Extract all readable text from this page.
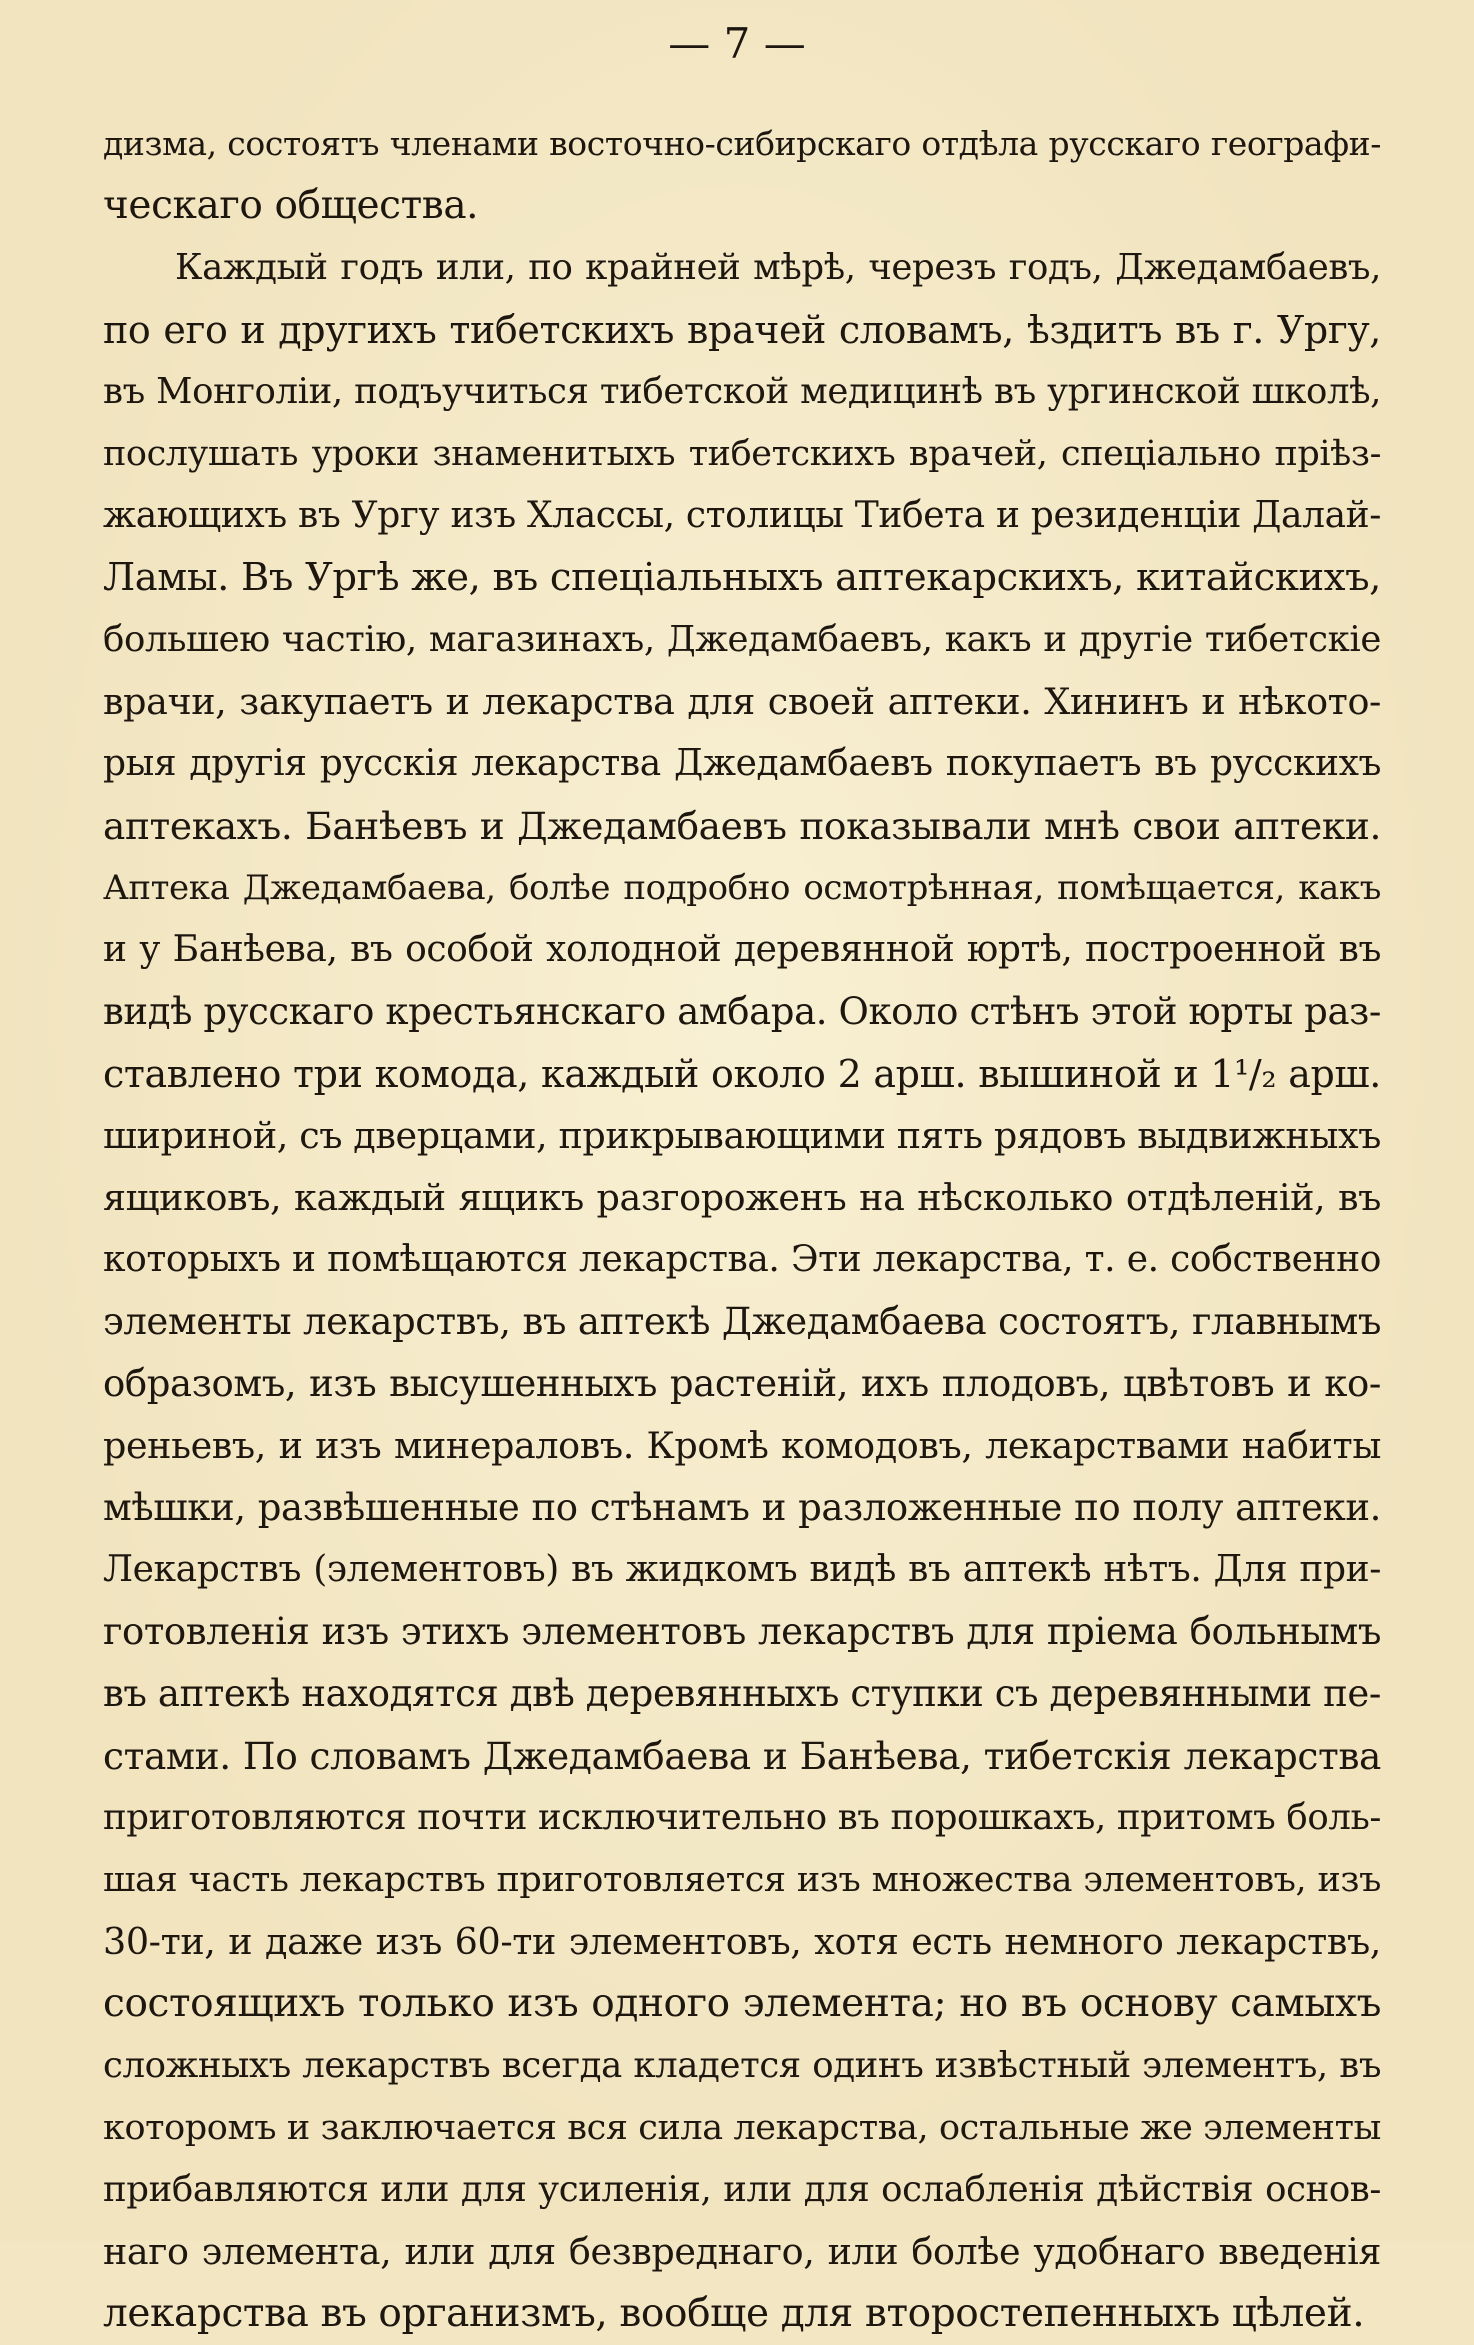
— 7 —
дизма, состоятъ членами восточно-сибирскаго отдѣла русскаго географи-
ческаго общества.
Каждый годъ или, по крайней мѣрѣ, черезъ годъ, Джедамбаевъ,
по его и другихъ тибетскихъ врачей словамъ, ѣздитъ въ г. Ургу,
въ Монголіи, подъучиться тибетской медицинѣ въ ургинской школѣ,
послушать уроки знаменитыхъ тибетскихъ врачей, спеціально пріѣз-
жающихъ въ Ургу изъ Хлассы, столицы Тибета и резиденціи Далай-
Ламы. Въ Ургѣ же, въ спеціальныхъ аптекарскихъ, китайскихъ,
большею частію, магазинахъ, Джедамбаевъ, какъ и другіе тибетскіе
врачи, закупаетъ и лекарства для своей аптеки. Хининъ и нѣкото-
рыя другія русскія лекарства Джедамбаевъ покупаетъ въ русскихъ
аптекахъ. Банѣевъ и Джедамбаевъ показывали мнѣ свои аптеки.
Аптека Джедамбаева, болѣе подробно осмотрѣнная, помѣщается, какъ
и у Банѣева, въ особой холодной деревянной юртѣ, построенной въ
видѣ русскаго крестьянскаго амбара. Около стѣнъ этой юрты раз-
ставлено три комода, каждый около 2 арш. вышиной и 1¹/₂ арш.
шириной, съ дверцами, прикрывающими пять рядовъ выдвижныхъ
ящиковъ, каждый ящикъ разгороженъ на нѣсколько отдѣленій, въ
которыхъ и помѣщаются лекарства. Эти лекарства, т. е. собственно
элементы лекарствъ, въ аптекѣ Джедамбаева состоятъ, главнымъ
образомъ, изъ высушенныхъ растеній, ихъ плодовъ, цвѣтовъ и ко-
реньевъ, и изъ минераловъ. Кромѣ комодовъ, лекарствами набиты
мѣшки, развѣшенные по стѣнамъ и разложенные по полу аптеки.
Лекарствъ (элементовъ) въ жидкомъ видѣ въ аптекѣ нѣтъ. Для при-
готовленія изъ этихъ элементовъ лекарствъ для пріема больнымъ
въ аптекѣ находятся двѣ деревянныхъ ступки съ деревянными пе-
стами. По словамъ Джедамбаева и Банѣева, тибетскія лекарства
приготовляются почти исключительно въ порошкахъ, притомъ боль-
шая часть лекарствъ приготовляется изъ множества элементовъ, изъ
30-ти, и даже изъ 60-ти элементовъ, хотя есть немного лекарствъ,
состоящихъ только изъ одного элемента; но въ основу самыхъ
сложныхъ лекарствъ всегда кладется одинъ извѣстный элементъ, въ
которомъ и заключается вся сила лекарства, остальные же элементы
прибавляются или для усиленія, или для ослабленія дѣйствія основ-
наго элемента, или для безвреднаго, или болѣе удобнаго введенія
лекарства въ организмъ, вообще для второстепенныхъ цѣлей.
